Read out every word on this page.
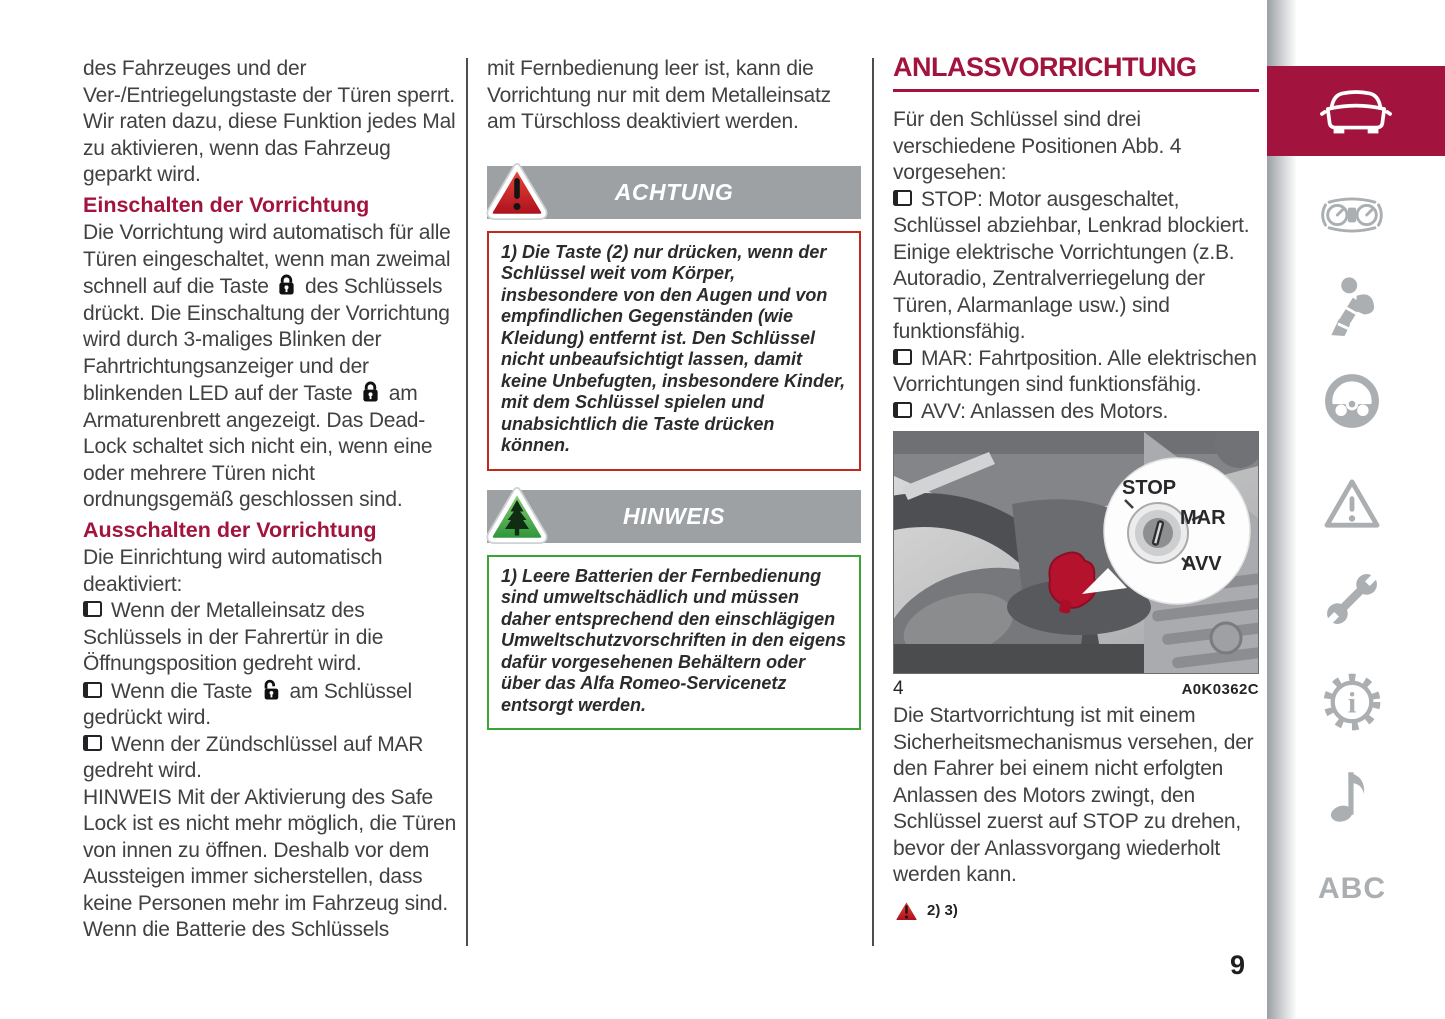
des Fahrzeuges und der Ver-/Entriegelungstaste der Türen sperrt. Wir raten dazu, diese Funktion jedes Mal zu aktivieren, wenn das Fahrzeug geparkt wird.

Einschalten der Vorrichtung

Die Vorrichtung wird automatisch für alle Türen eingeschaltet, wenn man zweimal schnell auf die Taste  des Schlüssels drückt. Die Einschaltung der Vorrichtung wird durch 3-maliges Blinken der Fahrtrichtungsanzeiger und der blinkenden LED auf der Taste  am Armaturenbrett angezeigt. Das Dead-Lock schaltet sich nicht ein, wenn eine oder mehrere Türen nicht ordnungsgemäß geschlossen sind.

Ausschalten der Vorrichtung

Die Einrichtung wird automatisch deaktiviert:

Wenn der Metalleinsatz des Schlüssels in der Fahrertür in die Öffnungsposition gedreht wird.

Wenn die Taste  am Schlüssel gedrückt wird.

Wenn der Zündschlüssel auf MAR gedreht wird.

HINWEIS Mit der Aktivierung des Safe Lock ist es nicht mehr möglich, die Türen von innen zu öffnen. Deshalb vor dem Aussteigen immer sicherstellen, dass keine Personen mehr im Fahrzeug sind. Wenn die Batterie des Schlüssels

mit Fernbedienung leer ist, kann die Vorrichtung nur mit dem Metalleinsatz am Türschloss deaktiviert werden.

ACHTUNG
1) Die Taste (2) nur drücken, wenn der Schlüssel weit vom Körper, insbesondere von den Augen und von empfindlichen Gegenständen (wie Kleidung) entfernt ist. Den Schlüssel nicht unbeaufsichtigt lassen, damit keine Unbefugten, insbesondere Kinder, mit dem Schlüssel spielen und unabsichtlich die Taste drücken können.
HINWEIS
1) Leere Batterien der Fernbedienung sind umweltschädlich und müssen daher entsprechend den einschlägigen Umweltschutzvorschriften in den eigens dafür vorgesehenen Behältern oder über das Alfa Romeo-Servicenetz entsorgt werden.

ANLASSVORRICHTUNG

Für den Schlüssel sind drei verschiedene Positionen Abb. 4 vorgesehen:

STOP: Motor ausgeschaltet, Schlüssel abziehbar, Lenkrad blockiert. Einige elektrische Vorrichtungen (z.B. Autoradio, Zentralverriegelung der Türen, Alarmanlage usw.) sind funktionsfähig.

MAR: Fahrtposition. Alle elektrischen Vorrichtungen sind funktionsfähig.

AVV: Anlassen des Motors.

STOP
MAR
AVV
4	A0K0362C

Die Startvorrichtung ist mit einem Sicherheitsmechanismus versehen, der den Fahrer bei einem nicht erfolgten Anlassen des Motors zwingt, den Schlüssel zuerst auf STOP zu drehen, bevor der Anlassvorgang wiederholt werden kann.

2) 3)
i
ABC
9
